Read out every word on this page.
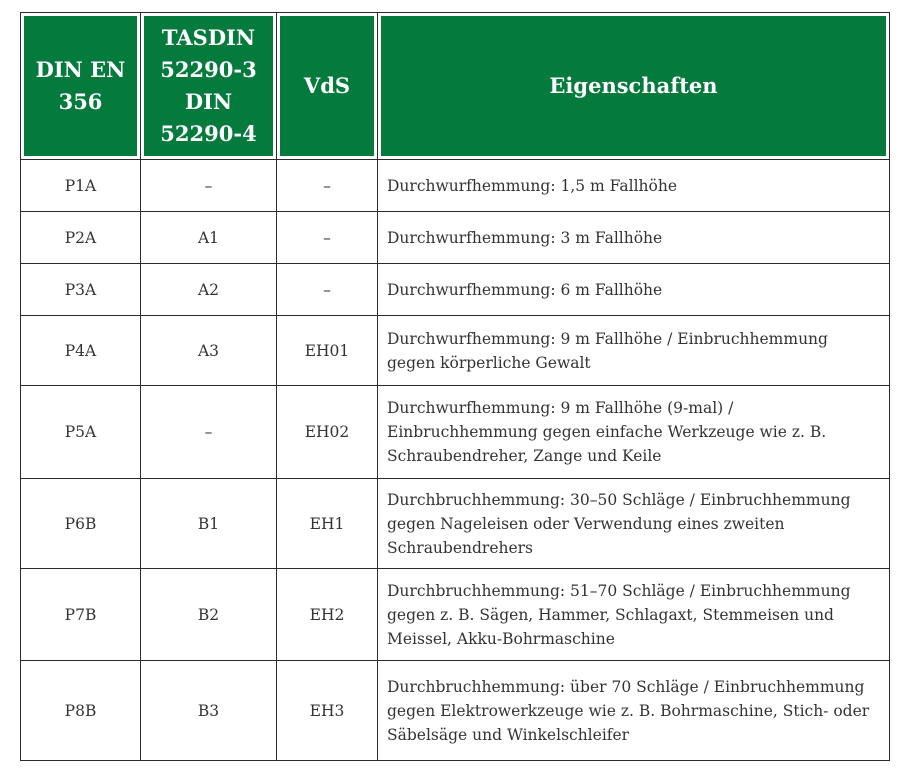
DIN EN 356	TASDIN 52290-3 DIN 52290-4	VdS	Eigenschaften
P1A	–	–	Durchwurfhemmung: 1,5 m Fallhöhe
P2A	A1	–	Durchwurfhemmung: 3 m Fallhöhe
P3A	A2	–	Durchwurfhemmung: 6 m Fallhöhe
P4A	A3	EH01	Durchwurfhemmung: 9 m Fallhöhe / Einbruchhemmung gegen körperliche Gewalt
P5A	–	EH02	Durchwurfhemmung: 9 m Fallhöhe (9-mal) / Einbruchhemmung gegen einfache Werkzeuge wie z. B. Schraubendreher, Zange und Keile
P6B	B1	EH1	Durchbruchhemmung: 30–50 Schläge / Einbruchhemmung gegen Nageleisen oder Verwendung eines zweiten Schraubendrehers
P7B	B2	EH2	Durchbruchhemmung: 51–70 Schläge / Einbruchhemmung gegen z. B. Sägen, Hammer, Schlagaxt, Stemmeisen und Meissel, Akku-Bohrmaschine
P8B	B3	EH3	Durchbruchhemmung: über 70 Schläge / Einbruchhemmung gegen Elektrowerkzeuge wie z. B. Bohrmaschine, Stich- oder Säbelsäge und Winkelschleifer
